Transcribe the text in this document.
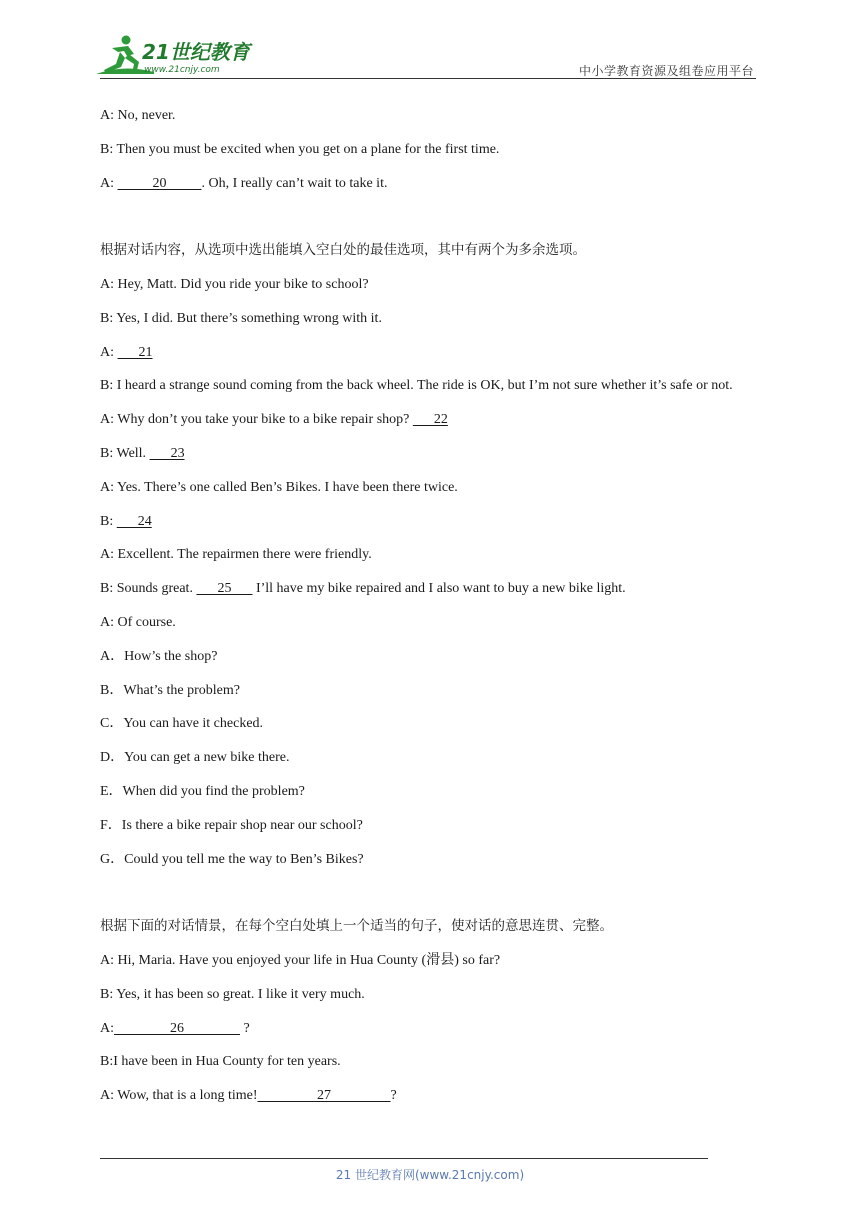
21世纪教育
www.21cnjy.com	中小学教育资源及组卷应用平台
A: No, never.
B: Then you must be excited when you get on a plane for the first time.
A:           20          . Oh, I really can’t wait to take it.
根据对话内容，从选项中选出能填入空白处的最佳选项，其中有两个为多余选项。
A: Hey, Matt. Did you ride your bike to school?
B: Yes, I did. But there’s something wrong with it.
A:       21
B: I heard a strange sound coming from the back wheel. The ride is OK, but I’m not sure whether it’s safe or not.
A: Why don’t you take your bike to a bike repair shop?       22
B: Well.       23
A: Yes. There’s one called Ben’s Bikes. I have been there twice.
B:       24
A: Excellent. The repairmen there were friendly.
B: Sounds great.       25       I’ll have my bike repaired and I also want to buy a new bike light.
A: Of course.
A．How’s the shop?
B．What’s the problem?
C．You can have it checked.
D．You can get a new bike there.
E．When did you find the problem?
F．Is there a bike repair shop near our school?
G．Could you tell me the way to Ben’s Bikes?
根据下面的对话情景，在每个空白处填上一个适当的句子，使对话的意思连贯、完整。
A: Hi, Maria. Have you enjoyed your life in Hua County (滑县) so far?
B: Yes, it has been so great. I like it very much.
A:                26                 ?
B:I have been in Hua County for ten years.
A: Wow, that is a long time!                 27                 ?
21 世纪教育网(www.21cnjy.com)
